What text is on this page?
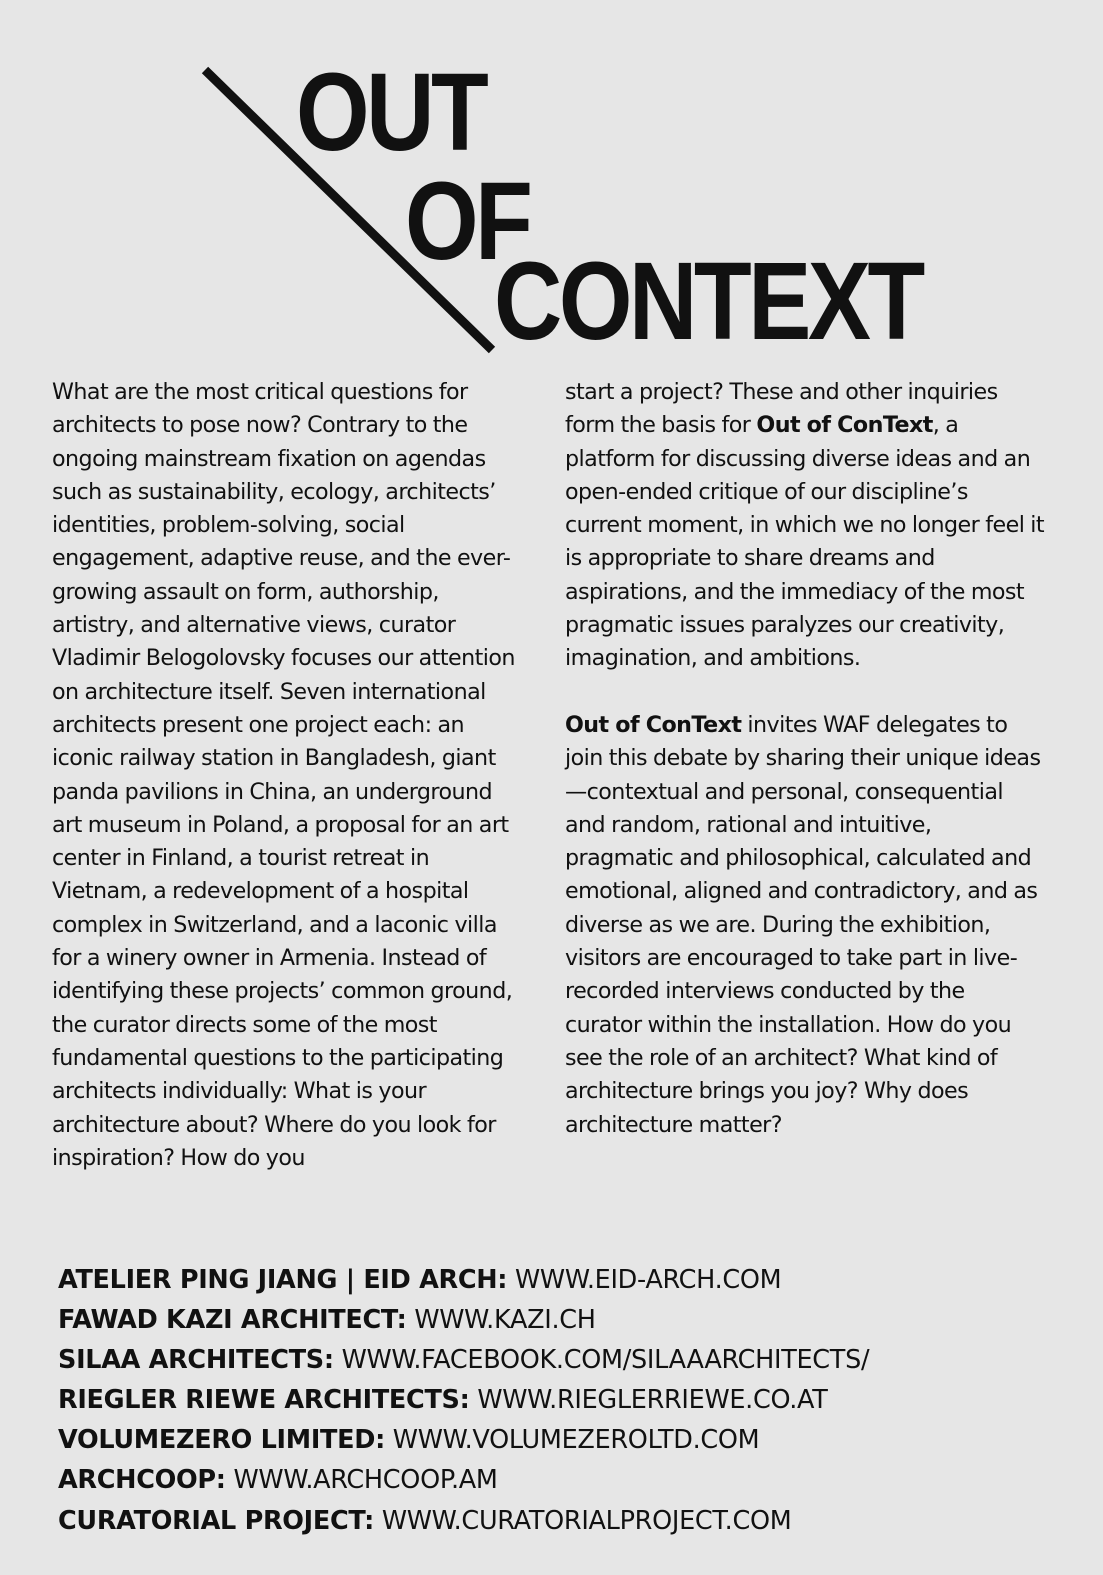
OUT
OF
CONTEXT

What are the most critical questions for architects to pose now? Contrary to the ongoing mainstream fixation on agendas such as sustainability, ecology, architects’ identities, problem-solving, social engagement, adaptive reuse, and the ever-growing assault on form, authorship, artistry, and alternative views, curator Vladimir Belogolovsky focuses our attention on architecture itself. Seven international architects present one project each: an iconic railway station in Bangladesh, giant panda pavilions in China, an underground art museum in Poland, a proposal for an art center in Finland, a tourist retreat in Vietnam, a redevelopment of a hospital complex in Switzerland, and a laconic villa for a winery owner in Armenia. Instead of identifying these projects’ common ground, the curator directs some of the most fundamental questions to the participating architects individually: What is your architecture about? Where do you look for inspiration? How do you

start a project? These and other inquiries form the basis for Out of ConText, a platform for discussing diverse ideas and an open-ended critique of our discipline’s current moment, in which we no longer feel it is appropriate to share dreams and aspirations, and the immediacy of the most pragmatic issues paralyzes our creativity, imagination, and ambitions.

Out of ConText invites WAF delegates to join this debate by sharing their unique ideas—contextual and personal, consequential and random, rational and intuitive, pragmatic and philosophical, calculated and emotional, aligned and contradictory, and as diverse as we are. During the exhibition, visitors are encouraged to take part in live-recorded interviews conducted by the curator within the installation. How do you see the role of an architect? What kind of architecture brings you joy? Why does architecture matter?

ATELIER PING JIANG | EID ARCH: WWW.EID-ARCH.COM
FAWAD KAZI ARCHITECT: WWW.KAZI.CH
SILAA ARCHITECTS: WWW.FACEBOOK.COM/SILAAARCHITECTS/
RIEGLER RIEWE ARCHITECTS: WWW.RIEGLERRIEWE.CO.AT
VOLUMEZERO LIMITED: WWW.VOLUMEZEROLTD.COM
ARCHCOOP: WWW.ARCHCOOP.AM
CURATORIAL PROJECT: WWW.CURATORIALPROJECT.COM
